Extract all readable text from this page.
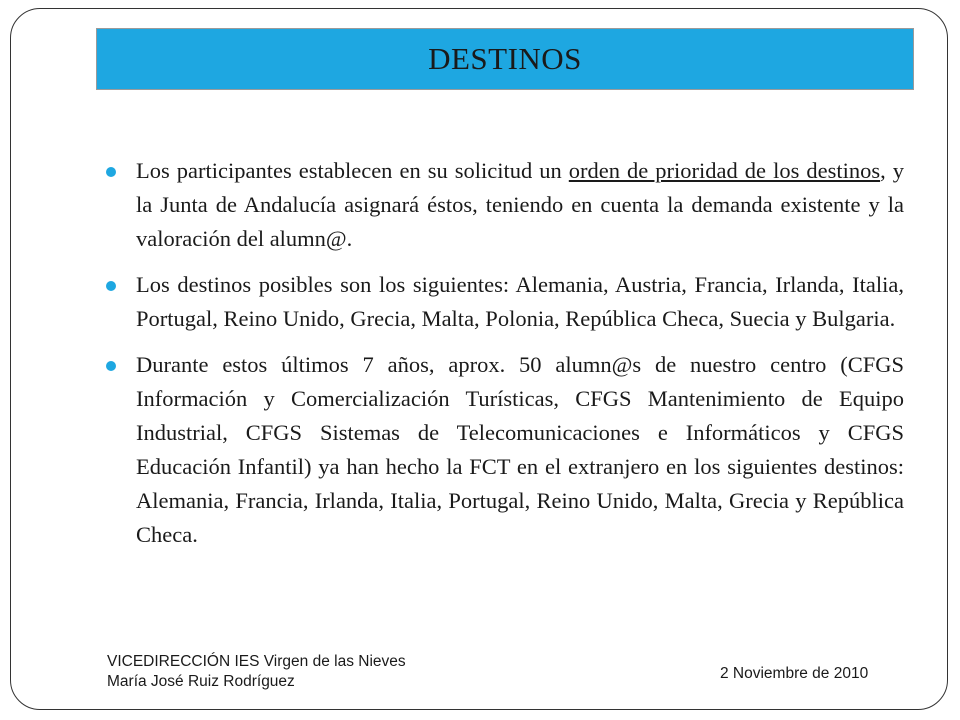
DESTINOS
Los participantes establecen en su solicitud un orden de prioridad de los destinos, y la Junta de Andalucía asignará éstos, teniendo en cuenta la demanda existente y la valoración del alumn@.
Los destinos posibles son los siguientes: Alemania, Austria, Francia, Irlanda, Italia, Portugal, Reino Unido, Grecia, Malta, Polonia, República Checa, Suecia y Bulgaria.
Durante estos últimos 7 años, aprox. 50 alumn@s de nuestro centro (CFGS Información y Comercialización Turísticas, CFGS Mantenimiento de Equipo Industrial, CFGS Sistemas de Telecomunicaciones e Informáticos y CFGS Educación Infantil) ya han hecho la FCT en el extranjero en los siguientes destinos: Alemania, Francia, Irlanda, Italia, Portugal, Reino Unido, Malta, Grecia y República Checa.
VICEDIRECCIÓN IES Virgen de las Nieves
María José Ruiz Rodríguez	2 Noviembre de 2010
